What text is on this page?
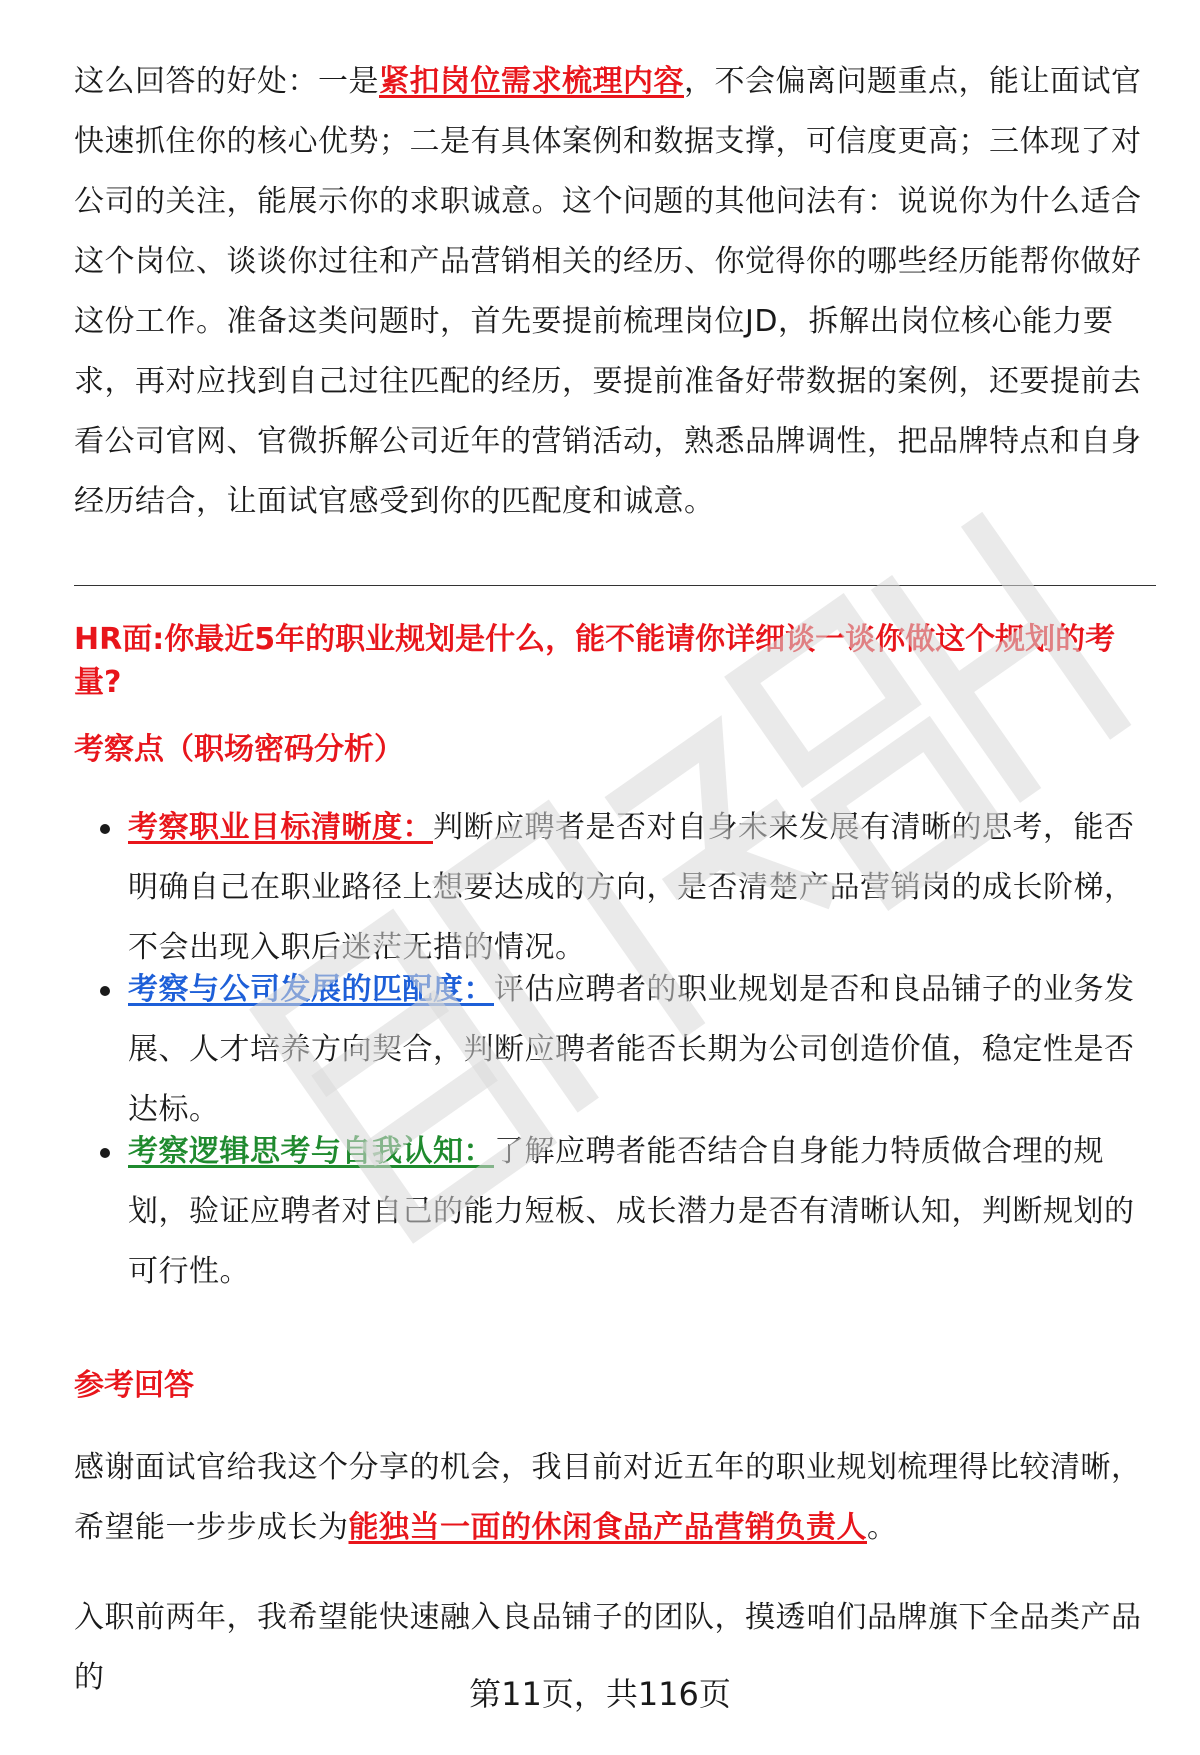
这么回答的好处：一是紧扣岗位需求梳理内容，不会偏离问题重点，能让面试官快速抓住你的核心优势；二是有具体案例和数据支撑，可信度更高；三体现了对公司的关注，能展示你的求职诚意。这个问题的其他问法有：说说你为什么适合这个岗位、谈谈你过往和产品营销相关的经历、你觉得你的哪些经历能帮你做好这份工作。准备这类问题时，首先要提前梳理岗位JD，拆解出岗位核心能力要求，再对应找到自己过往匹配的经历，要提前准备好带数据的案例，还要提前去看公司官网、官微拆解公司近年的营销活动，熟悉品牌调性，把品牌特点和自身经历结合，让面试官感受到你的匹配度和诚意。

HR面:你最近5年的职业规划是什么，能不能请你详细谈一谈你做这个规划的考量?

考察点（职场密码分析）

考察职业目标清晰度：判断应聘者是否对自身未来发展有清晰的思考，能否明确自己在职业路径上想要达成的方向，是否清楚产品营销岗的成长阶梯，不会出现入职后迷茫无措的情况。
考察与公司发展的匹配度：评估应聘者的职业规划是否和良品铺子的业务发展、人才培养方向契合，判断应聘者能否长期为公司创造价值，稳定性是否达标。
考察逻辑思考与自我认知：了解应聘者能否结合自身能力特质做合理的规划，验证应聘者对自己的能力短板、成长潜力是否有清晰认知，判断规划的可行性。

参考回答

感谢面试官给我这个分享的机会，我目前对近五年的职业规划梳理得比较清晰，希望能一步步成长为能独当一面的休闲食品产品营销负责人。

入职前两年，我希望能快速融入良品铺子的团队，摸透咱们品牌旗下全品类产品的	第11页，共116页
